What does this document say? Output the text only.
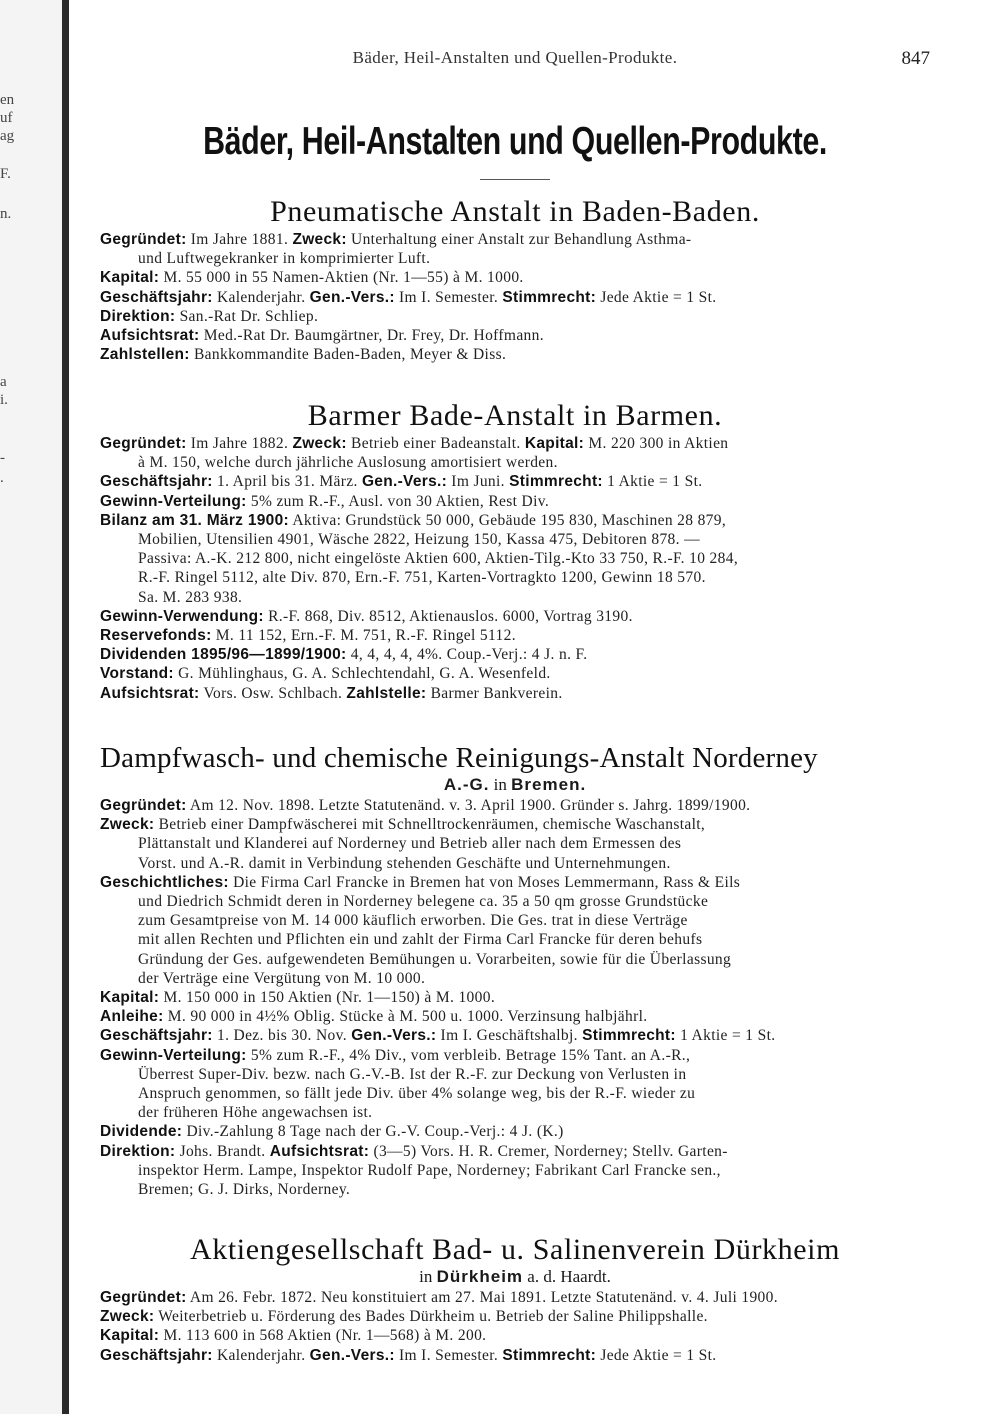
en
uf
ag
F.
n.
a
i.
-
.
Bäder, Heil-Anstalten und Quellen-Produkte.	847
Bäder, Heil-Anstalten und Quellen-Produkte.
Pneumatische Anstalt in Baden-Baden.
Gegründet: Im Jahre 1881. Zweck: Unterhaltung einer Anstalt zur Behandlung Asthma-
und Luftwegekranker in komprimierter Luft.
Kapital: M. 55 000 in 55 Namen-Aktien (Nr. 1—55) à M. 1000.
Geschäftsjahr: Kalenderjahr. Gen.-Vers.: Im I. Semester. Stimmrecht: Jede Aktie = 1 St.
Direktion: San.-Rat Dr. Schliep.
Aufsichtsrat: Med.-Rat Dr. Baumgärtner, Dr. Frey, Dr. Hoffmann.
Zahlstellen: Bankkommandite Baden-Baden, Meyer & Diss.
Barmer Bade-Anstalt in Barmen.
Gegründet: Im Jahre 1882. Zweck: Betrieb einer Badeanstalt. Kapital: M. 220 300 in Aktien
à M. 150, welche durch jährliche Auslosung amortisiert werden.
Geschäftsjahr: 1. April bis 31. März. Gen.-Vers.: Im Juni. Stimmrecht: 1 Aktie = 1 St.
Gewinn-Verteilung: 5% zum R.-F., Ausl. von 30 Aktien, Rest Div.
Bilanz am 31. März 1900: Aktiva: Grundstück 50 000, Gebäude 195 830, Maschinen 28 879,
Mobilien, Utensilien 4901, Wäsche 2822, Heizung 150, Kassa 475, Debitoren 878. —
Passiva: A.-K. 212 800, nicht eingelöste Aktien 600, Aktien-Tilg.-Kto 33 750, R.-F. 10 284,
R.-F. Ringel 5112, alte Div. 870, Ern.-F. 751, Karten-Vortragkto 1200, Gewinn 18 570.
Sa. M. 283 938.
Gewinn-Verwendung: R.-F. 868, Div. 8512, Aktienauslos. 6000, Vortrag 3190.
Reservefonds: M. 11 152, Ern.-F. M. 751, R.-F. Ringel 5112.
Dividenden 1895/96—1899/1900: 4, 4, 4, 4, 4%. Coup.-Verj.: 4 J. n. F.
Vorstand: G. Mühlinghaus, G. A. Schlechtendahl, G. A. Wesenfeld.
Aufsichtsrat: Vors. Osw. Schlbach. Zahlstelle: Barmer Bankverein.
Dampfwasch- und chemische Reinigungs-Anstalt Norderney
A.-G. in Bremen.
Gegründet: Am 12. Nov. 1898. Letzte Statutenänd. v. 3. April 1900. Gründer s. Jahrg. 1899/1900.
Zweck: Betrieb einer Dampfwäscherei mit Schnelltrockenräumen, chemische Waschanstalt,
Plättanstalt und Klanderei auf Norderney und Betrieb aller nach dem Ermessen des
Vorst. und A.-R. damit in Verbindung stehenden Geschäfte und Unternehmungen.
Geschichtliches: Die Firma Carl Francke in Bremen hat von Moses Lemmermann, Rass & Eils
und Diedrich Schmidt deren in Norderney belegene ca. 35 a 50 qm grosse Grundstücke
zum Gesamtpreise von M. 14 000 käuflich erworben. Die Ges. trat in diese Verträge
mit allen Rechten und Pflichten ein und zahlt der Firma Carl Francke für deren behufs
Gründung der Ges. aufgewendeten Bemühungen u. Vorarbeiten, sowie für die Überlassung
der Verträge eine Vergütung von M. 10 000.
Kapital: M. 150 000 in 150 Aktien (Nr. 1—150) à M. 1000.
Anleihe: M. 90 000 in 4½% Oblig. Stücke à M. 500 u. 1000. Verzinsung halbjährl.
Geschäftsjahr: 1. Dez. bis 30. Nov. Gen.-Vers.: Im I. Geschäftshalbj. Stimmrecht: 1 Aktie = 1 St.
Gewinn-Verteilung: 5% zum R.-F., 4% Div., vom verbleib. Betrage 15% Tant. an A.-R.,
Überrest Super-Div. bezw. nach G.-V.-B. Ist der R.-F. zur Deckung von Verlusten in
Anspruch genommen, so fällt jede Div. über 4% solange weg, bis der R.-F. wieder zu
der früheren Höhe angewachsen ist.
Dividende: Div.-Zahlung 8 Tage nach der G.-V. Coup.-Verj.: 4 J. (K.)
Direktion: Johs. Brandt. Aufsichtsrat: (3—5) Vors. H. R. Cremer, Norderney; Stellv. Garten-
inspektor Herm. Lampe, Inspektor Rudolf Pape, Norderney; Fabrikant Carl Francke sen.,
Bremen; G. J. Dirks, Norderney.
Aktiengesellschaft Bad- u. Salinenverein Dürkheim
in Dürkheim a. d. Haardt.
Gegründet: Am 26. Febr. 1872. Neu konstituiert am 27. Mai 1891. Letzte Statutenänd. v. 4. Juli 1900.
Zweck: Weiterbetrieb u. Förderung des Bades Dürkheim u. Betrieb der Saline Philippshalle.
Kapital: M. 113 600 in 568 Aktien (Nr. 1—568) à M. 200.
Geschäftsjahr: Kalenderjahr. Gen.-Vers.: Im I. Semester. Stimmrecht: Jede Aktie = 1 St.
